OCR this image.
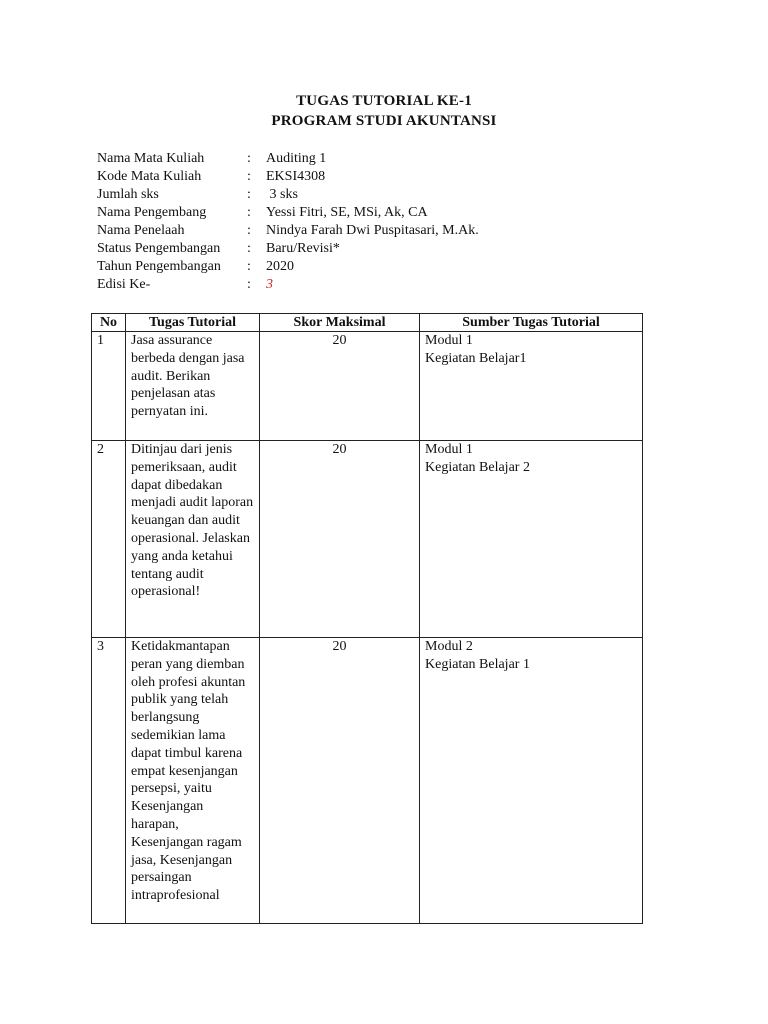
TUGAS TUTORIAL KE-1
PROGRAM STUDI AKUNTANSI
Nama Mata Kuliah	: Auditing 1
Kode Mata Kuliah	: EKSI4308
Jumlah sks	: 3 sks
Nama Pengembang	: Yessi Fitri, SE, MSi, Ak, CA
Nama Penelaah	: Nindya Farah Dwi Puspitasari, M.Ak.
Status Pengembangan : Baru/Revisi*
Tahun Pengembangan : 2020
Edisi Ke-	: 3
No	Tugas Tutorial	Skor Maksimal	Sumber Tugas Tutorial
1	Jasa assurance berbeda dengan jasa audit. Berikan penjelasan atas pernyatan ini.	20	Modul 1
Kegiatan Belajar1

2	Ditinjau dari jenis pemeriksaan, audit dapat dibedakan menjadi audit laporan keuangan dan audit operasional. Jelaskan yang anda ketahui tentang audit operasional!	20	Modul 1
Kegiatan Belajar 2

3	Ketidakmantapan peran yang diemban oleh profesi akuntan publik yang telah berlangsung sedemikian lama dapat timbul karena empat kesenjangan persepsi, yaitu Kesenjangan harapan, Kesenjangan ragam jasa, Kesenjangan persaingan intraprofesional	20	Modul 2
Kegiatan Belajar 1
